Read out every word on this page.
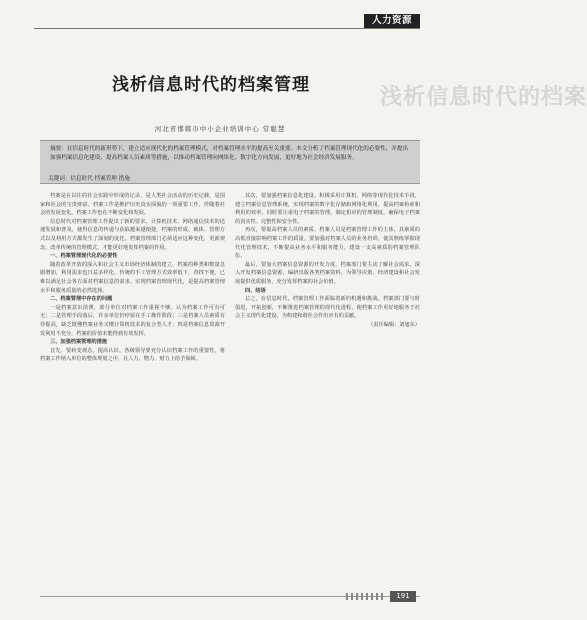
人力资源
浅析信息时代的档案
浅析信息时代的档案管理
河北省邯郸市中小企业培训中心 常聪慧
摘要：在信息时代的新形势下，建立适应现代化的档案管理模式，对档案管理水平的提高至关重要。本文分析了档案管理现代化的必要性，并提出加强档案信息化建设、提高档案人员素质等措施，以推动档案管理向网络化、数字化方向发展，更好地为社会经济发展服务。
关键词：信息时代 档案管理 措施

档案是在以往的社会实践中形成的记录，是人类社会活动的历史记载，是国家和社会的宝贵财富。档案工作是维护历史真实面貌的一项重要工作，伴随着社会的发展变化，档案工作也在不断变化和发展。

信息时代对档案管理工作提出了新的要求。计算机技术、网络通信技术的迅速发展和普及，使得信息的传递与获取越来越便捷，档案的形成、载体、管理方式以及利用方式都发生了深刻的变化。档案管理部门必须适应这种变化，更新观念，改革传统的管理模式，才能更好地发挥档案的作用。

一、档案管理现代化的必要性

随着改革开放的深入和社会主义市场经济体制的建立，档案的种类和数量急剧增加，利用需求也日益多样化。传统的手工管理方式效率低下，查找不便，已难以满足社会各方面对档案信息的需求。实现档案管理现代化，是提高档案管理水平和服务质量的必然选择。

二、档案管理中存在的问题

一是档案意识淡薄，部分单位对档案工作重视不够，认为档案工作可有可无；二是管理手段落后，许多单位仍停留在手工操作阶段；三是档案人员素质有待提高，缺乏既懂档案业务又懂计算机技术的复合型人才；四是档案信息资源开发利用不充分，档案的价值未能得到有效发挥。

三、加强档案管理的措施

首先，要转变观念，提高认识。各级领导要充分认识档案工作的重要性，将档案工作纳入单位的整体规划之中，在人力、物力、财力上给予保障。

其次，要加强档案信息化建设。积极采用计算机、网络等现代化技术手段，建立档案信息管理系统，实现档案的数字化存储和网络化利用，提高档案检索和利用的效率。同时要注重电子档案的管理，制定相应的管理制度，确保电子档案的真实性、完整性和安全性。

再次，要提高档案人员的素质。档案人员是档案管理工作的主体，其素质的高低直接影响档案工作的质量。要加强对档案人员的业务培训，使其熟练掌握现代化管理技术，不断提高业务水平和服务能力，建设一支高素质的档案管理队伍。

最后，要加大档案信息资源的开发力度。档案部门要主动了解社会需求，深入开发档案信息资源，编研出版各类档案资料，为领导决策、经济建设和社会发展提供优质服务，充分发挥档案的社会价值。

四、结语

总之，在信息时代，档案管理工作面临着新的机遇和挑战。档案部门要与时俱进，开拓创新，不断推进档案管理的现代化进程，使档案工作更好地服务于社会主义现代化建设，为构建和谐社会作出应有的贡献。

（责任编辑：刘旭东）

191
